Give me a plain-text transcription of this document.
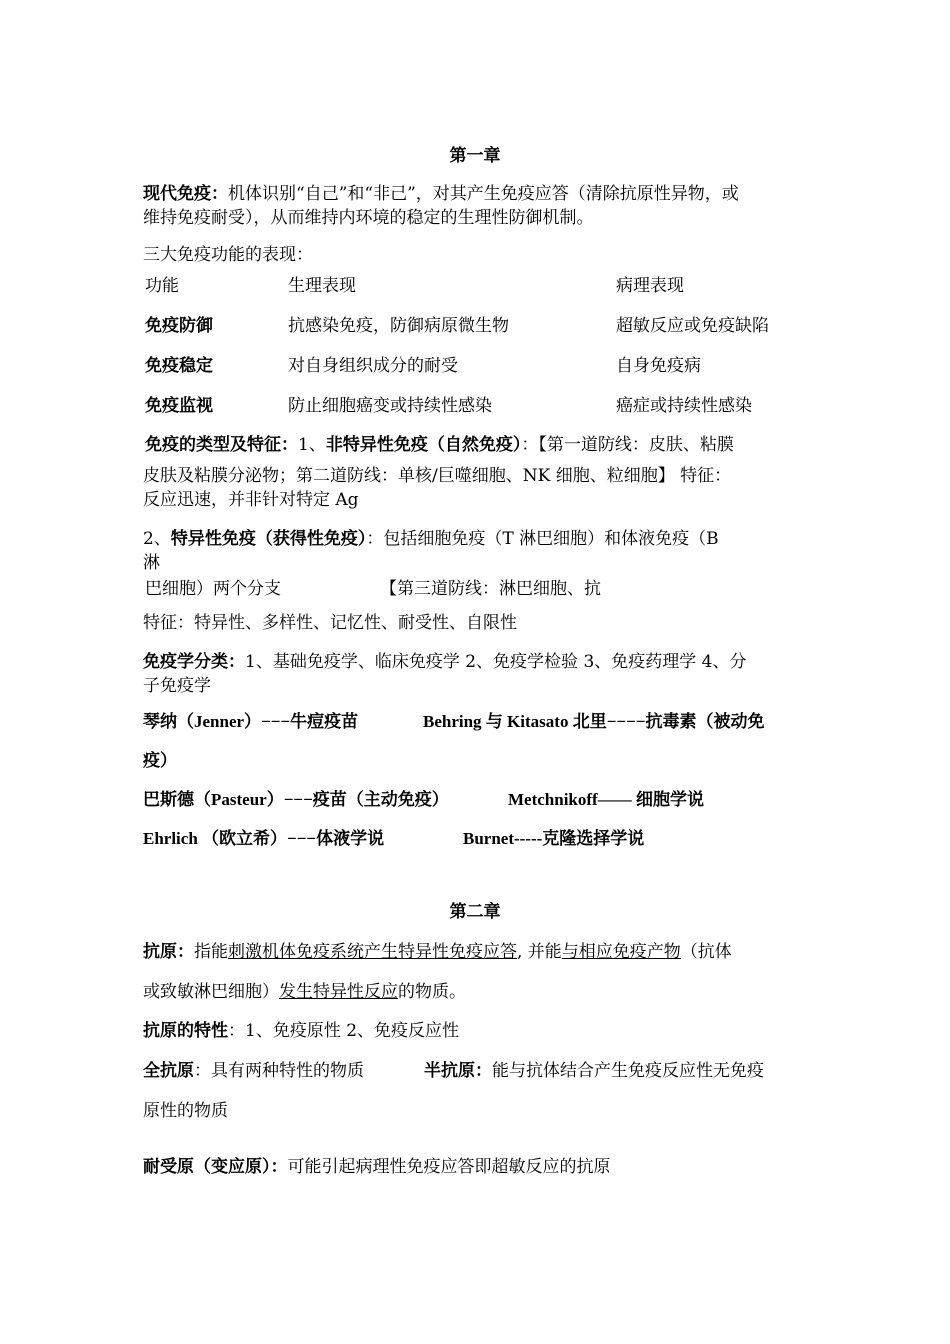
第一章
现代免疫：机体识别“自己”和“非己”，对其产生免疫应答（清除抗原性异物，或
维持免疫耐受），从而维持内环境的稳定的生理性防御机制。
三大免疫功能的表现：
功能	生理表现	病理表现
免疫防御	抗感染免疫，防御病原微生物	超敏反应或免疫缺陷
免疫稳定	对自身组织成分的耐受	自身免疫病
免疫监视	防止细胞癌变或持续性感染	癌症或持续性感染
免疫的类型及特征：1、非特异性免疫（自然免疫）：【第一道防线：皮肤、粘膜
皮肤及粘膜分泌物；第二道防线：单核/巨噬细胞、NK 细胞、粒细胞】 特征：
反应迅速，并非针对特定 Ag
2、特异性免疫（获得性免疫）：包括细胞免疫（T 淋巴细胞）和体液免疫（B
淋
巴细胞）两个分支	【第三道防线：淋巴细胞、抗
特征：特异性、多样性、记忆性、耐受性、自限性
免疫学分类：1、基础免疫学、临床免疫学 2、免疫学检验 3、免疫药理学 4、分
子免疫学
琴纳（Jenner）−−−牛痘疫苗	Behring 与 Kitasato 北里−−−−抗毒素（被动免
疫）
巴斯德（Pasteur）−−−疫苗（主动免疫）	Metchnikoff—— 细胞学说
Ehrlich （欧立希）−−−体液学说	Burnet-----克隆选择学说
第二章
抗原：指能刺激机体免疫系统产生特异性免疫应答, 并能与相应免疫产物（抗体
或致敏淋巴细胞）发生特异性反应的物质。
抗原的特性：1、免疫原性 2、免疫反应性
全抗原：具有两种特性的物质	半抗原：能与抗体结合产生免疫反应性无免疫
原性的物质
耐受原（变应原）：可能引起病理性免疫应答即超敏反应的抗原
